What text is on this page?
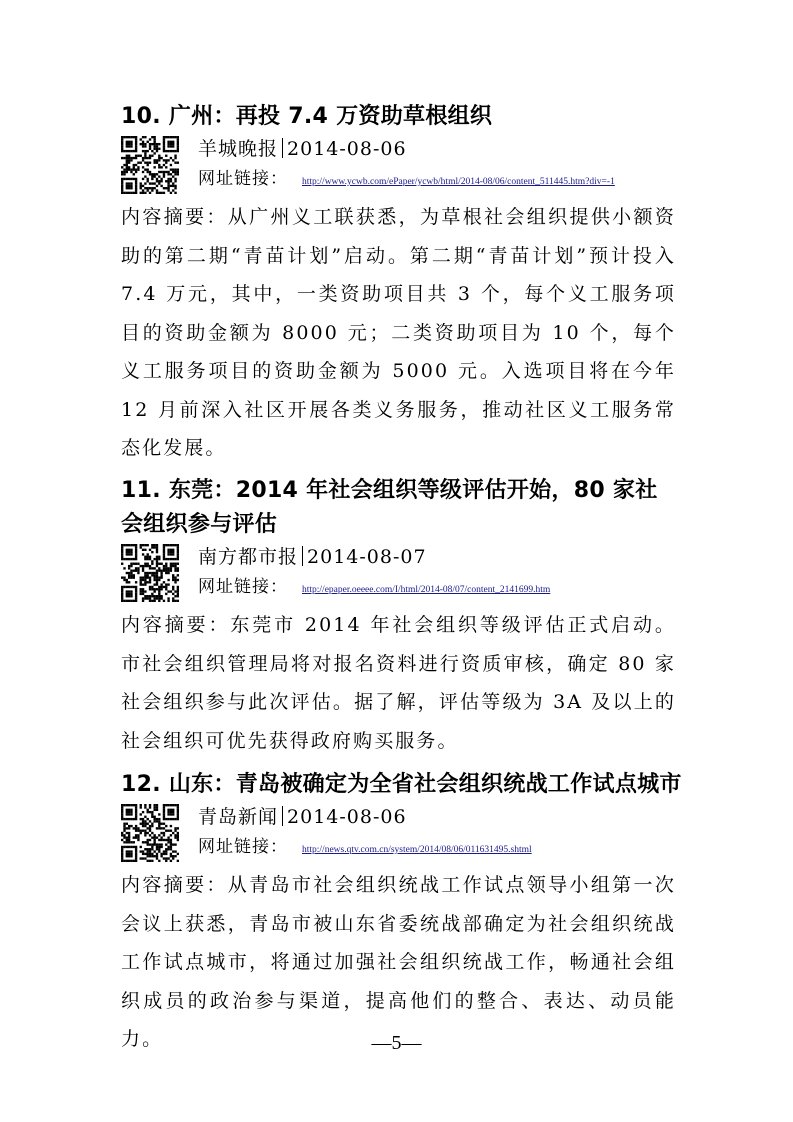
10. 广州：再投 7.4 万资助草根组织
羊城晚报 2014-08-06
网址链接： http://www.ycwb.com/ePaper/ycwb/html/2014-08/06/content_511445.htm?div=-1

内容摘要：从广州义工联获悉，为草根社会组织提供小额资助的第二期“青苗计划”启动。第二期“青苗计划”预计投入 7.4 万元，其中，一类资助项目共 3 个，每个义工服务项目的资助金额为 8000 元；二类资助项目为 10 个，每个义工服务项目的资助金额为 5000 元。入选项目将在今年 12 月前深入社区开展各类义务服务，推动社区义工服务常态化发展。

11. 东莞：2014 年社会组织等级评估开始，80 家社会组织参与评估
南方都市报 2014-08-07
网址链接： http://epaper.oeeee.com/I/html/2014-08/07/content_2141699.htm

内容摘要：东莞市 2014 年社会组织等级评估正式启动。市社会组织管理局将对报名资料进行资质审核，确定 80 家社会组织参与此次评估。据了解，评估等级为 3A 及以上的社会组织可优先获得政府购买服务。

12. 山东：青岛被确定为全省社会组织统战工作试点城市
青岛新闻 2014-08-06
网址链接： http://news.qtv.com.cn/system/2014/08/06/011631495.shtml

内容摘要：从青岛市社会组织统战工作试点领导小组第一次会议上获悉，青岛市被山东省委统战部确定为社会组织统战工作试点城市，将通过加强社会组织统战工作，畅通社会组织成员的政治参与渠道，提高他们的整合、表达、动员能力。	—5—
